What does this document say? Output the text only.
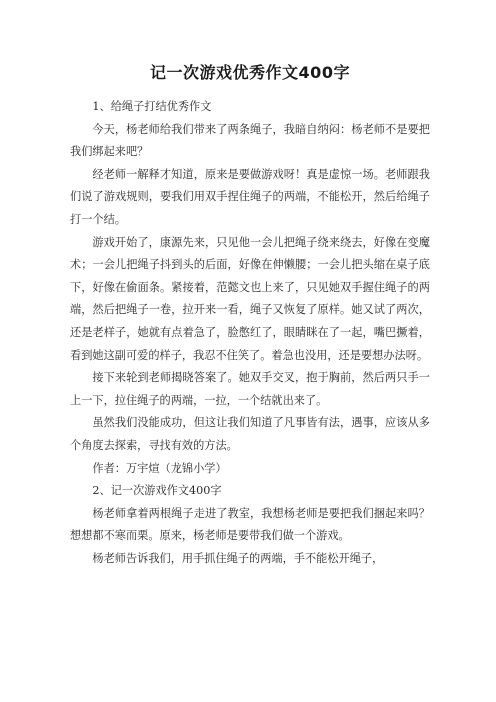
记一次游戏优秀作文400字

1、给绳子打结优秀作文

今天，杨老师给我们带来了两条绳子，我暗自纳闷：杨老师不是要把我们绑起来吧？

经老师一解释才知道，原来是要做游戏呀！真是虚惊一场。老师跟我们说了游戏规则，要我们用双手捏住绳子的两端，不能松开，然后给绳子打一个结。

游戏开始了，康源先来，只见他一会儿把绳子绕来绕去，好像在变魔术；一会儿把绳子抖到头的后面，好像在伸懒腰；一会儿把头缩在桌子底下，好像在偷面条。紧接着，范懿文也上来了，只见她双手握住绳子的两端，然后把绳子一卷，拉开来一看，绳子又恢复了原样。她又试了两次，还是老样子，她就有点着急了，脸憋红了，眼睛眯在了一起，嘴巴撅着，看到她这副可爱的样子，我忍不住笑了。着急也没用，还是要想办法呀。

接下来轮到老师揭晓答案了。她双手交叉，抱于胸前，然后两只手一上一下，拉住绳子的两端，一拉，一个结就出来了。

虽然我们没能成功，但这让我们知道了凡事皆有法，遇事，应该从多个角度去探索，寻找有效的方法。

作者：万宇煊（龙锦小学）

2、记一次游戏作文400字

杨老师拿着两根绳子走进了教室，我想杨老师是要把我们捆起来吗？想想都不寒而栗。原来，杨老师是要带我们做一个游戏。

杨老师告诉我们，用手抓住绳子的两端，手不能松开绳子，
